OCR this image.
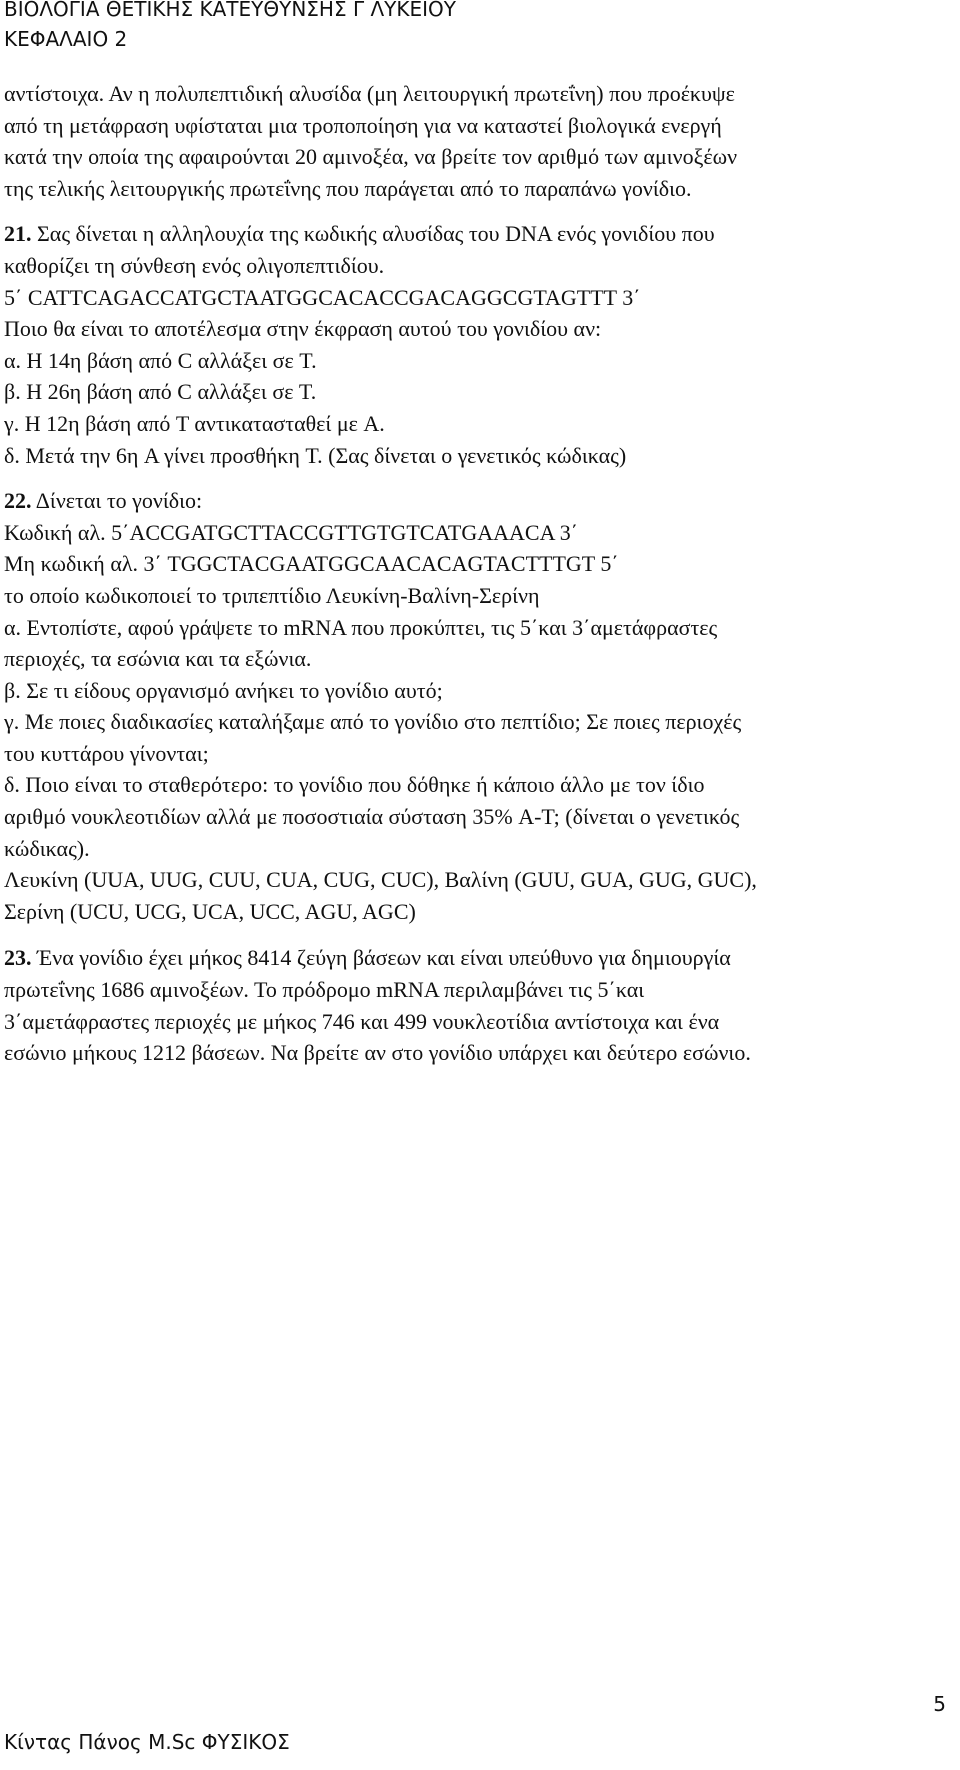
ΒΙΟΛΟΓΙΑ ΘΕΤΙΚΗΣ ΚΑΤΕΥΘΥΝΣΗΣ Γ ΛΥΚΕΙΟΥ
ΚΕΦΑΛΑΙΟ 2
αντίστοιχα. Αν η πολυπεπτιδική αλυσίδα (μη λειτουργική πρωτεΐνη) που προέκυψε
από τη μετάφραση υφίσταται μια τροποποίηση για να καταστεί βιολογικά ενεργή
κατά την οποία της αφαιρούνται 20 αμινοξέα, να βρείτε τον αριθμό των αμινοξέων
της τελικής λειτουργικής πρωτεΐνης που παράγεται από το παραπάνω γονίδιο.
21. Σας δίνεται η αλληλουχία της κωδικής αλυσίδας του DNA ενός γονιδίου που
καθορίζει τη σύνθεση ενός ολιγοπεπτιδίου.
5΄ CATTCAGACCATGCTAATGGCACACCGACAGGCGTAGTTT 3΄
Ποιο θα είναι το αποτέλεσμα στην έκφραση αυτού του γονιδίου αν:
α. Η 14η βάση από C αλλάξει σε T.
β. Η 26η βάση από C αλλάξει σε T.
γ. Η 12η βάση από T αντικατασταθεί με A.
δ. Μετά την 6η A γίνει προσθήκη T. (Σας δίνεται ο γενετικός κώδικας)
22. Δίνεται το γονίδιο:
Κωδική αλ. 5΄ACCGATGCTTACCGTTGTGTCATGAAACA 3΄
Μη κωδική αλ. 3΄ TGGCTACGAATGGCAACACAGTACTTTGT 5΄
το οποίο κωδικοποιεί το τριπεπτίδιο Λευκίνη-Βαλίνη-Σερίνη
α. Εντοπίστε, αφού γράψετε το mRNA που προκύπτει, τις 5΄και 3΄αμετάφραστες
περιοχές, τα εσώνια και τα εξώνια.
β. Σε τι είδους οργανισμό ανήκει το γονίδιο αυτό;
γ. Με ποιες διαδικασίες καταλήξαμε από το γονίδιο στο πεπτίδιο; Σε ποιες περιοχές
του κυττάρου γίνονται;
δ. Ποιο είναι το σταθερότερο: το γονίδιο που δόθηκε ή κάποιο άλλο με τον ίδιο
αριθμό νουκλεοτιδίων αλλά με ποσοστιαία σύσταση 35% A-T; (δίνεται ο γενετικός
κώδικας).
Λευκίνη (UUA, UUG, CUU, CUA, CUG, CUC), Βαλίνη (GUU, GUA, GUG, GUC),
Σερίνη (UCU, UCG, UCA, UCC, AGU, AGC)
23. Ένα γονίδιο έχει μήκος 8414 ζεύγη βάσεων και είναι υπεύθυνο για δημιουργία
πρωτεΐνης 1686 αμινοξέων. Το πρόδρομο mRNA περιλαμβάνει τις 5΄και
3΄αμετάφραστες περιοχές με μήκος 746 και 499 νουκλεοτίδια αντίστοιχα και ένα
εσώνιο μήκους 1212 βάσεων. Να βρείτε αν στο γονίδιο υπάρχει και δεύτερο εσώνιο.
5
Κίντας Πάνος Μ.Sc ΦΥΣΙΚΟΣ
